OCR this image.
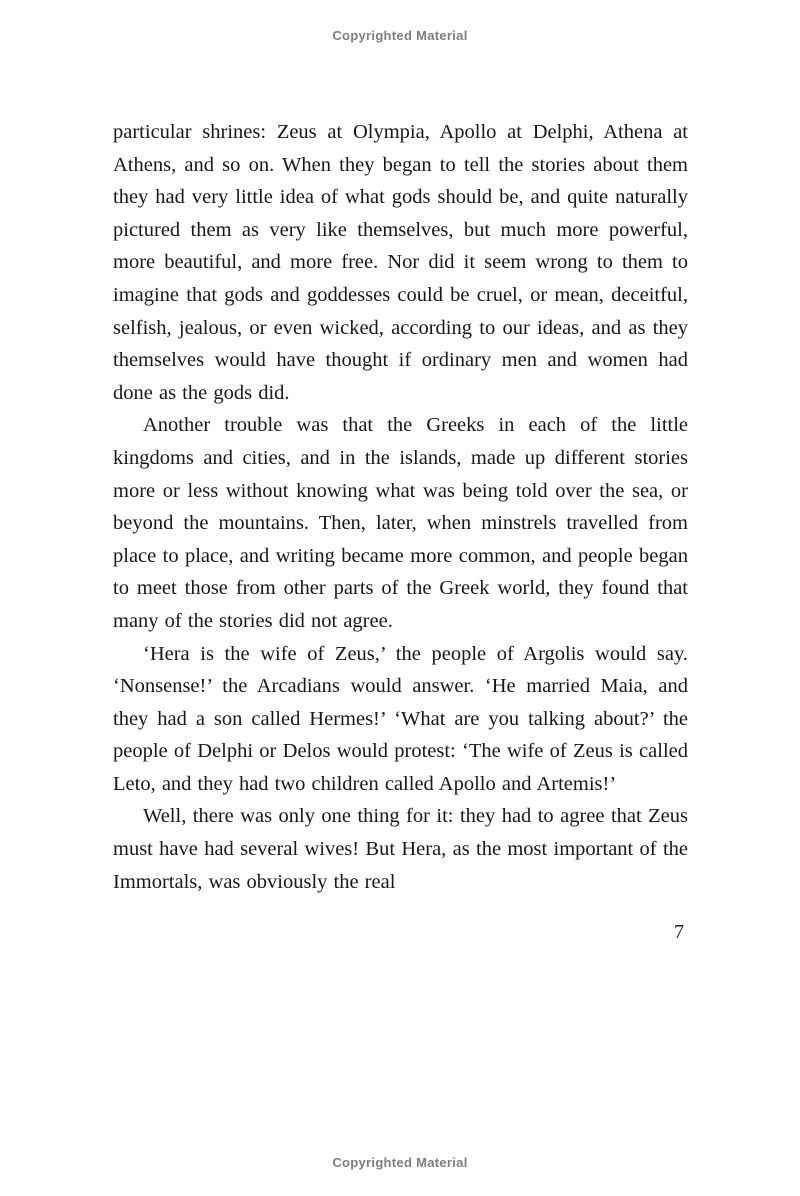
Copyrighted Material

particular shrines: Zeus at Olympia, Apollo at Delphi, Athena at Athens, and so on. When they began to tell the stories about them they had very little idea of what gods should be, and quite naturally pictured them as very like themselves, but much more powerful, more beautiful, and more free. Nor did it seem wrong to them to imagine that gods and goddesses could be cruel, or mean, deceitful, selfish, jealous, or even wicked, according to our ideas, and as they themselves would have thought if ordinary men and women had done as the gods did.

Another trouble was that the Greeks in each of the little kingdoms and cities, and in the islands, made up different stories more or less without knowing what was being told over the sea, or beyond the mountains. Then, later, when minstrels travelled from place to place, and writing became more common, and people began to meet those from other parts of the Greek world, they found that many of the stories did not agree.

‘Hera is the wife of Zeus,’ the people of Argolis would say. ‘Nonsense!’ the Arcadians would answer. ‘He married Maia, and they had a son called Hermes!’ ‘What are you talking about?’ the people of Delphi or Delos would protest: ‘The wife of Zeus is called Leto, and they had two children called Apollo and Artemis!’

Well, there was only one thing for it: they had to agree that Zeus must have had several wives! But Hera, as the most important of the Immortals, was obviously the real

7
Copyrighted Material
